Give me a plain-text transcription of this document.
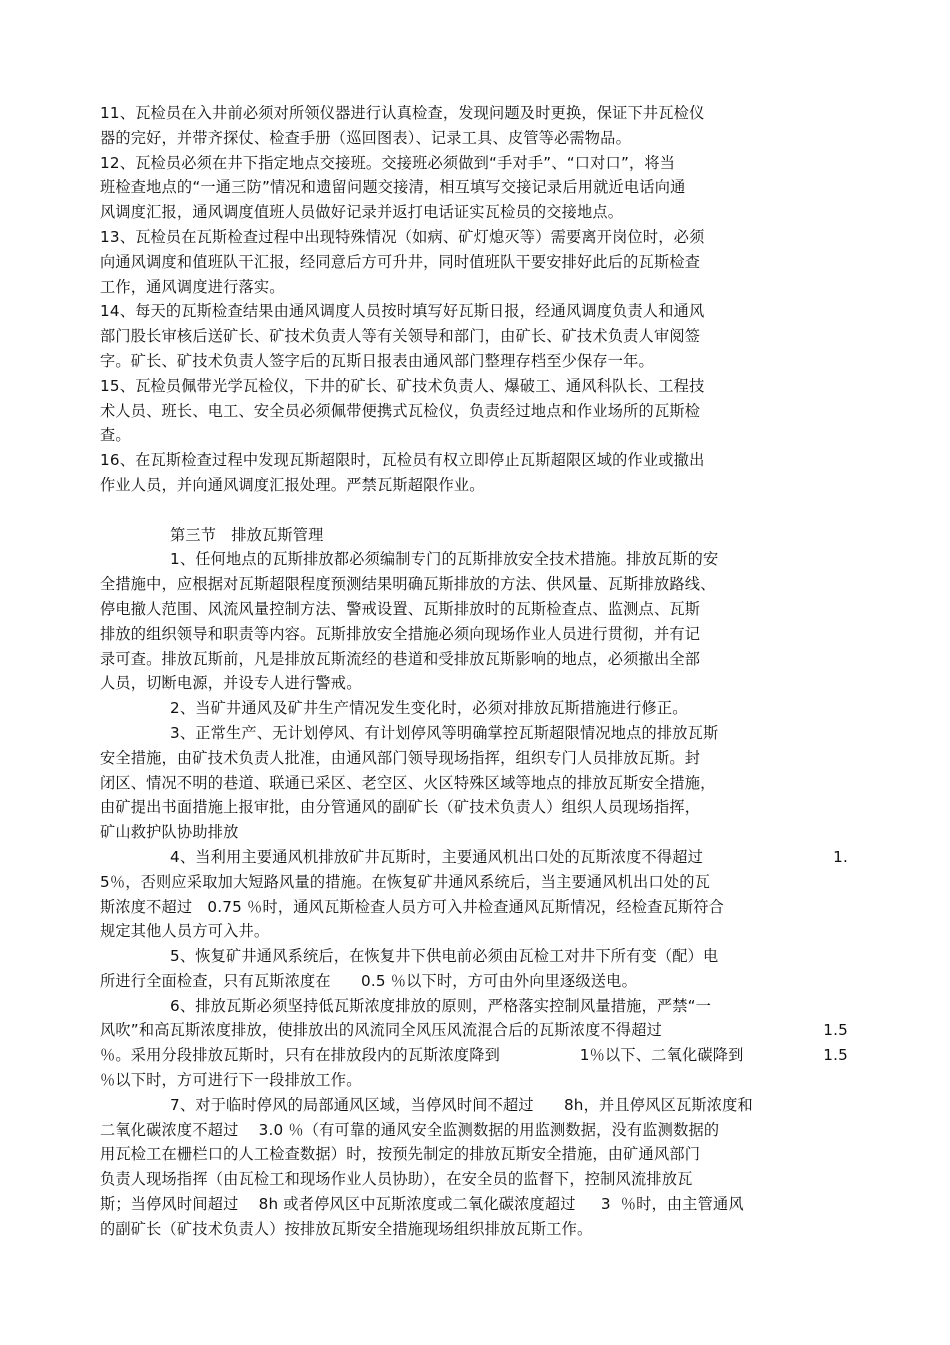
11、瓦检员在入井前必须对所领仪器进行认真检查，发现问题及时更换，保证下井瓦检仪
器的完好，并带齐探仗、检查手册（巡回图表）、记录工具、皮管等必需物品。
12、瓦检员必须在井下指定地点交接班。交接班必须做到“手对手”、“口对口”，将当
班检查地点的“一通三防”情况和遗留问题交接清，相互填写交接记录后用就近电话向通
风调度汇报，通风调度值班人员做好记录并返打电话证实瓦检员的交接地点。
13、瓦检员在瓦斯检查过程中出现特殊情况（如病、矿灯熄灭等）需要离开岗位时，必须
向通风调度和值班队干汇报，经同意后方可升井，同时值班队干要安排好此后的瓦斯检查
工作，通风调度进行落实。
14、每天的瓦斯检查结果由通风调度人员按时填写好瓦斯日报，经通风调度负责人和通风
部门股长审核后送矿长、矿技术负责人等有关领导和部门，由矿长、矿技术负责人审阅签
字。矿长、矿技术负责人签字后的瓦斯日报表由通风部门整理存档至少保存一年。
15、瓦检员佩带光学瓦检仪，下井的矿长、矿技术负责人、爆破工、通风科队长、工程技
术人员、班长、电工、安全员必须佩带便携式瓦检仪，负责经过地点和作业场所的瓦斯检
查。
16、在瓦斯检查过程中发现瓦斯超限时，瓦检员有权立即停止瓦斯超限区域的作业或撤出
作业人员，并向通风调度汇报处理。严禁瓦斯超限作业。
第三节   排放瓦斯管理
1、任何地点的瓦斯排放都必须编制专门的瓦斯排放安全技术措施。排放瓦斯的安
全措施中，应根据对瓦斯超限程度预测结果明确瓦斯排放的方法、供风量、瓦斯排放路线、
停电撤人范围、风流风量控制方法、警戒设置、瓦斯排放时的瓦斯检查点、监测点、瓦斯
排放的组织领导和职责等内容。瓦斯排放安全措施必须向现场作业人员进行贯彻，并有记
录可查。排放瓦斯前，凡是排放瓦斯流经的巷道和受排放瓦斯影响的地点，必须撤出全部
人员，切断电源，并设专人进行警戒。
2、当矿井通风及矿井生产情况发生变化时，必须对排放瓦斯措施进行修正。
3、正常生产、无计划停风、有计划停风等明确掌控瓦斯超限情况地点的排放瓦斯
安全措施，由矿技术负责人批准，由通风部门领导现场指挥，组织专门人员排放瓦斯。封
闭区、情况不明的巷道、联通已采区、老空区、火区特殊区域等地点的排放瓦斯安全措施，
由矿提出书面措施上报审批，由分管通风的副矿长（矿技术负责人）组织人员现场指挥，
矿山救护队协助排放
4、当利用主要通风机排放矿井瓦斯时，主要通风机出口处的瓦斯浓度不得超过	1.
5％，否则应采取加大短路风量的措施。在恢复矿井通风系统后，当主要通风机出口处的瓦
斯浓度不超过   0.75 ％时，通风瓦斯检查人员方可入井检查通风瓦斯情况，经检查瓦斯符合
规定其他人员方可入井。
5、恢复矿井通风系统后，在恢复井下供电前必须由瓦检工对井下所有变（配）电
所进行全面检查，只有瓦斯浓度在      0.5 ％以下时，方可由外向里逐级送电。
6、排放瓦斯必须坚持低瓦斯浓度排放的原则，严格落实控制风量措施，严禁“一
风吹”和高瓦斯浓度排放，使排放出的风流同全风压风流混合后的瓦斯浓度不得超过	1.5
％。采用分段排放瓦斯时，只有在排放段内的瓦斯浓度降到	1％以下、二氧化碳降到	1.5
％以下时，方可进行下一段排放工作。
7、对于临时停风的局部通风区域，当停风时间不超过      8h，并且停风区瓦斯浓度和
二氧化碳浓度不超过    3.0 ％（有可靠的通风安全监测数据的用监测数据，没有监测数据的
用瓦检工在栅栏口的人工检查数据）时，按预先制定的排放瓦斯安全措施，由矿通风部门
负责人现场指挥（由瓦检工和现场作业人员协助），在安全员的监督下，控制风流排放瓦
斯；当停风时间超过    8h 或者停风区中瓦斯浓度或二氧化碳浓度超过     3  ％时，由主管通风
的副矿长（矿技术负责人）按排放瓦斯安全措施现场组织排放瓦斯工作。
